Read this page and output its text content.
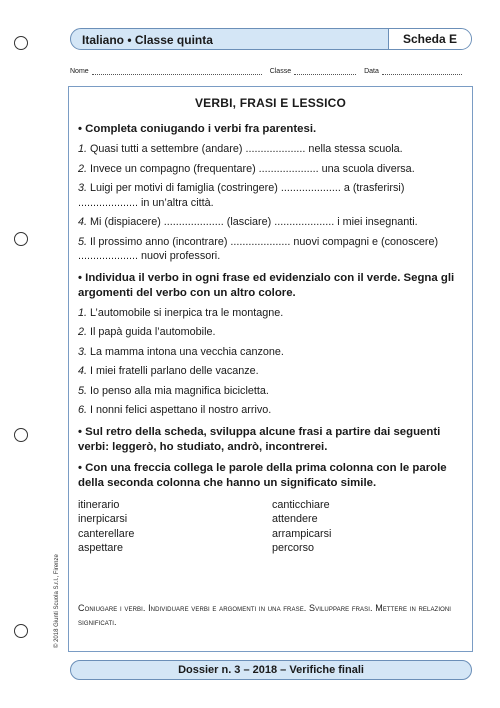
Italiano • Classe quinta	Scheda E
Nome	Classe	Data
VERBI, FRASI E LESSICO
• Completa coniugando i verbi fra parentesi.
1. Quasi tutti a settembre (andare) .................... nella stessa scuola.
2. Invece un compagno (frequentare) .................... una scuola diversa.
3. Luigi per motivi di famiglia (costringere) .................... a (trasferirsi) .................... in un’altra città.
4. Mi (dispiacere) .................... (lasciare) .................... i miei insegnanti.
5. Il prossimo anno (incontrare) .................... nuovi compagni e (conoscere) .................... nuovi professori.
• Individua il verbo in ogni frase ed evidenzialo con il verde. Segna gli argomenti del verbo con un altro colore.
1. L’automobile si inerpica tra le montagne.
2. Il papà guida l’automobile.
3. La mamma intona una vecchia canzone.
4. I miei fratelli parlano delle vacanze.
5. Io penso alla mia magnifica bicicletta.
6. I nonni felici aspettano il nostro arrivo.
• Sul retro della scheda, sviluppa alcune frasi a partire dai seguenti verbi: leggerò, ho studiato, andrò, incontrerei.
• Con una freccia collega le parole della prima colonna con le parole della seconda colonna che hanno un significato simile.
itinerario	canticchiare
inerpicarsi	attendere
canterellare	arrampicarsi
aspettare	percorso
Coniugare i verbi. Individuare verbi e argomenti in una frase. Sviluppare frasi. Mettere in relazioni significati.
© 2018 Giunti Scuola S.r.l., Firenze
Dossier n. 3 – 2018 – Verifiche finali
